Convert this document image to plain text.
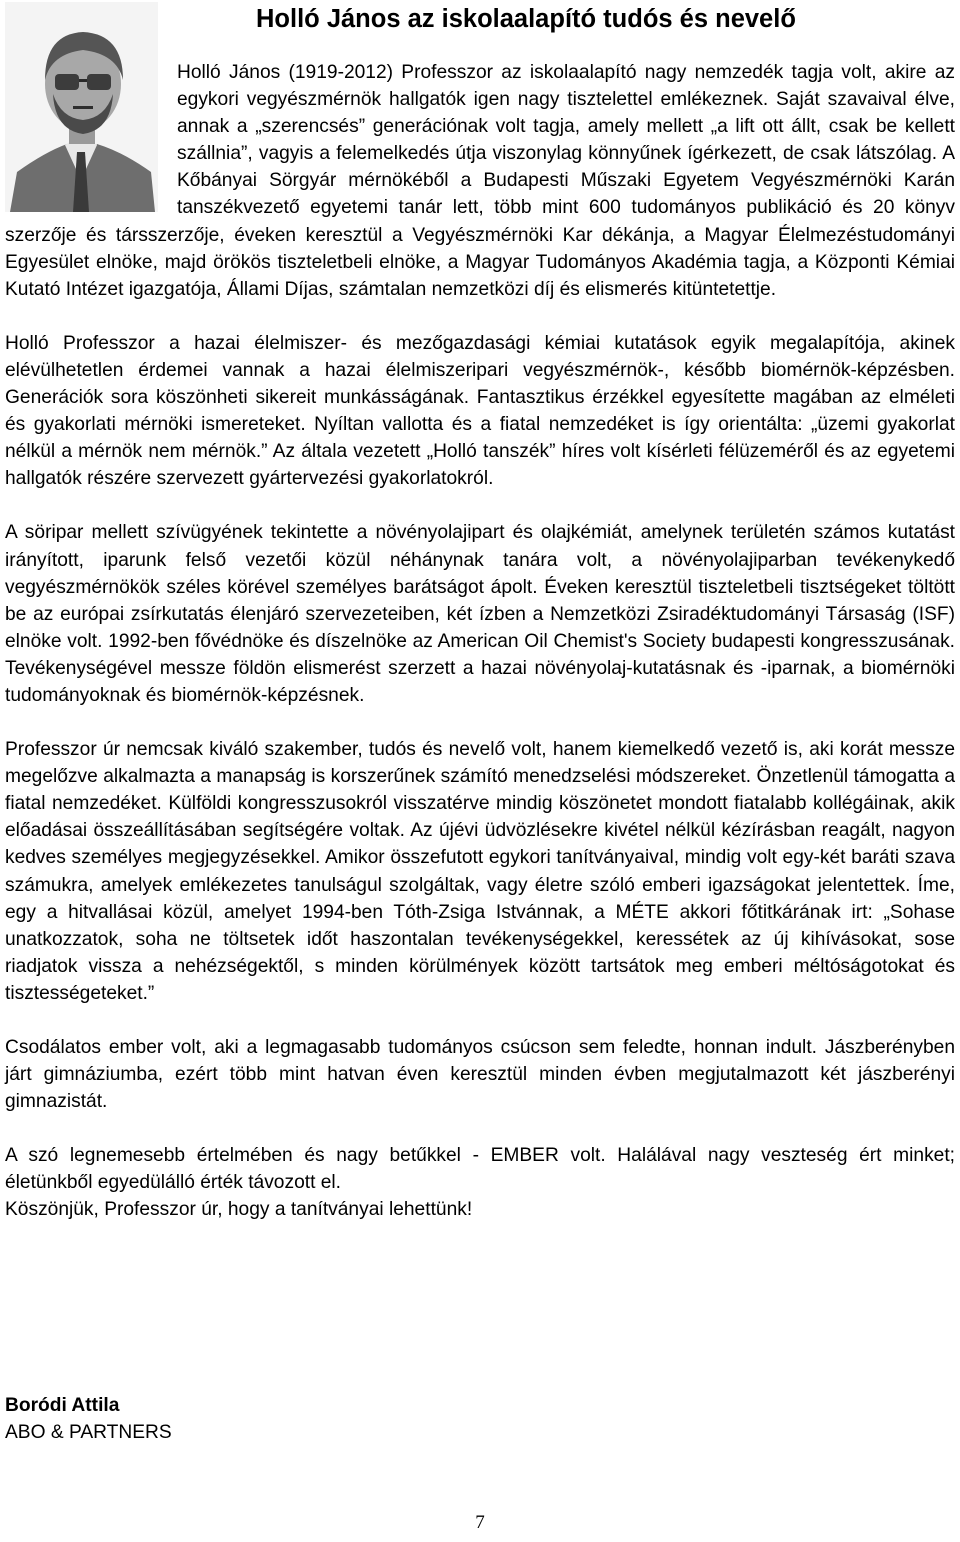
Holló János az iskolaalapító tudós és nevelő

Holló János (1919-2012) Professzor az iskolaalapító nagy nemzedék tagja volt, akire az egykori vegyészmérnök hallgatók igen nagy tisztelettel emlékeznek. Saját szavaival élve, annak a „szerencsés” generációnak volt tagja, amely mellett „a lift ott állt, csak be kellett szállnia”, vagyis a felemelkedés útja viszonylag könnyűnek ígérkezett, de csak látszólag. A Kőbányai Sörgyár mérnökéből a Budapesti Műszaki Egyetem Vegyészmérnöki Karán tanszékvezető egyetemi tanár lett, több mint 600 tudományos publikáció és 20 könyv szerzője és társszerzője, éveken keresztül a Vegyészmérnöki Kar dékánja, a Magyar Élelmezéstudományi Egyesület elnöke, majd örökös tiszteletbeli elnöke, a Magyar Tudományos Akadémia tagja, a Központi Kémiai Kutató Intézet igazgatója, Állami Díjas, számtalan nemzetközi díj és elismerés kitüntetettje.

Holló Professzor a hazai élelmiszer- és mezőgazdasági kémiai kutatások egyik megalapítója, akinek elévülhetetlen érdemei vannak a hazai élelmiszeripari vegyészmérnök-, később biomérnök-képzésben. Generációk sora köszönheti sikereit munkásságának. Fantasztikus érzékkel egyesítette magában az elméleti és gyakorlati mérnöki ismereteket. Nyíltan vallotta és a fiatal nemzedéket is így orientálta: „üzemi gyakorlat nélkül a mérnök nem mérnök.” Az általa vezetett „Holló tanszék” híres volt kísérleti félüzeméről és az egyetemi hallgatók részére szervezett gyártervezési gyakorlatokról.

A söripar mellett szívügyének tekintette a növényolajipart és olajkémiát, amelynek területén számos kutatást irányított, iparunk felső vezetői közül néhánynak tanára volt, a növényolajiparban tevékenykedő vegyészmérnökök széles körével személyes barátságot ápolt. Éveken keresztül tiszteletbeli tisztségeket töltött be az európai zsírkutatás élenjáró szervezeteiben, két ízben a Nemzetközi Zsiradéktudományi Társaság (ISF) elnöke volt. 1992-ben fővédnöke és díszelnöke az American Oil Chemist's Society budapesti kongresszusának. Tevékenységével messze földön elismerést szerzett a hazai növényolaj-kutatásnak és -iparnak, a biomérnöki tudományoknak és biomérnök-képzésnek.

Professzor úr nemcsak kiváló szakember, tudós és nevelő volt, hanem kiemelkedő vezető is, aki korát messze megelőzve alkalmazta a manapság is korszerűnek számító menedzselési módszereket. Önzetlenül támogatta a fiatal nemzedéket. Külföldi kongresszusokról visszatérve mindig köszönetet mondott fiatalabb kollégáinak, akik előadásai összeállításában segítségére voltak. Az újévi üdvözlésekre kivétel nélkül kézírásban reagált, nagyon kedves személyes megjegyzésekkel. Amikor összefutott egykori tanítványaival, mindig volt egy-két baráti szava számukra, amelyek emlékezetes tanulságul szolgáltak, vagy életre szóló emberi igazságokat jelentettek. Íme, egy a hitvallásai közül, amelyet 1994-ben Tóth-Zsiga Istvánnak, a MÉTE akkori főtitkárának irt: „Sohase unatkozzatok, soha ne töltsetek időt haszontalan tevékenységekkel, keressétek az új kihívásokat, sose riadjatok vissza a nehézségektől, s minden körülmények között tartsátok meg emberi méltóságotokat és tisztességeteket.”

Csodálatos ember volt, aki a legmagasabb tudományos csúcson sem feledte, honnan indult. Jászberényben járt gimnáziumba, ezért több mint hatvan éven keresztül minden évben megjutalmazott két jászberényi gimnazistát.

A szó legnemesebb értelmében és nagy betűkkel - EMBER volt. Halálával nagy veszteség ért minket; életünkből egyedülálló érték távozott el.

Köszönjük, Professzor úr, hogy a tanítványai lehettünk!

Boródi Attila
ABO & PARTNERS
7
